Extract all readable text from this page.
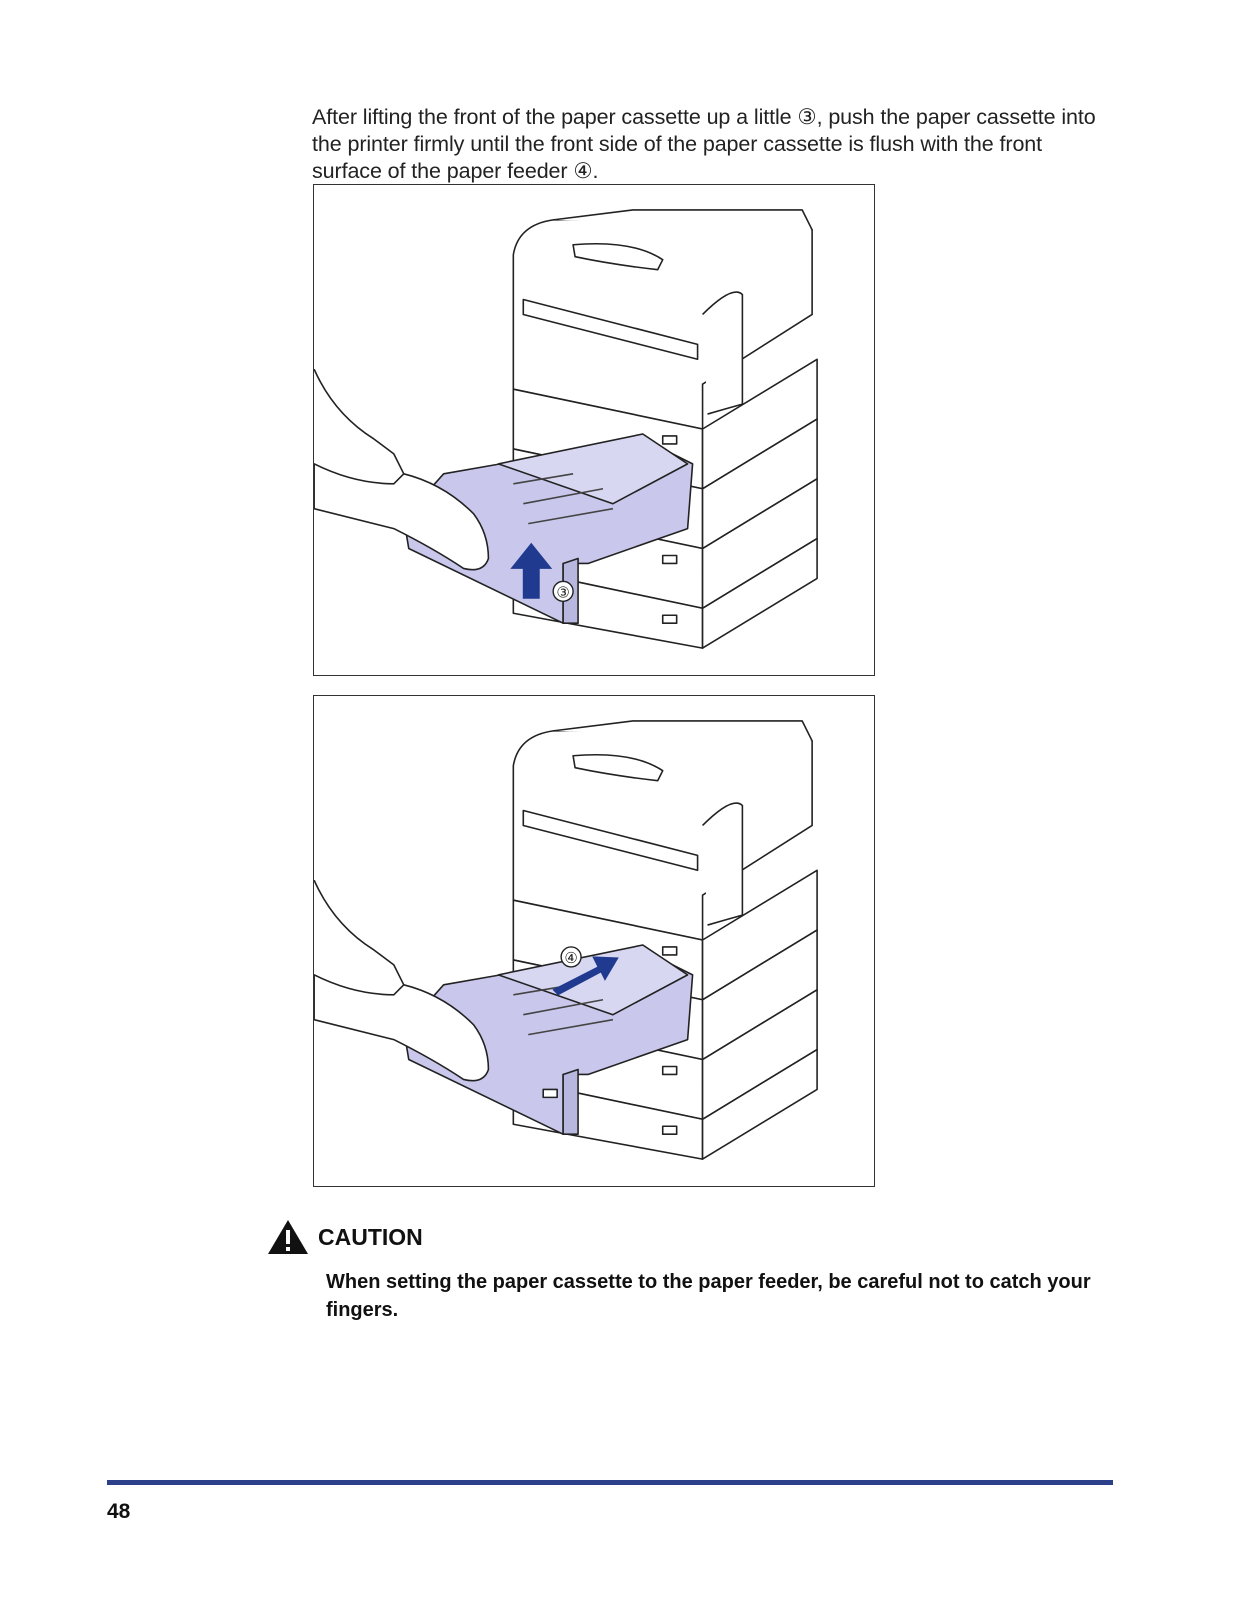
After lifting the front of the paper cassette up a little ③, push the paper cassette into the printer firmly until the front side of the paper cassette is flush with the front surface of the paper feeder ④.

③
④
CAUTION
When setting the paper cassette to the paper feeder, be careful not to catch your fingers.
48
